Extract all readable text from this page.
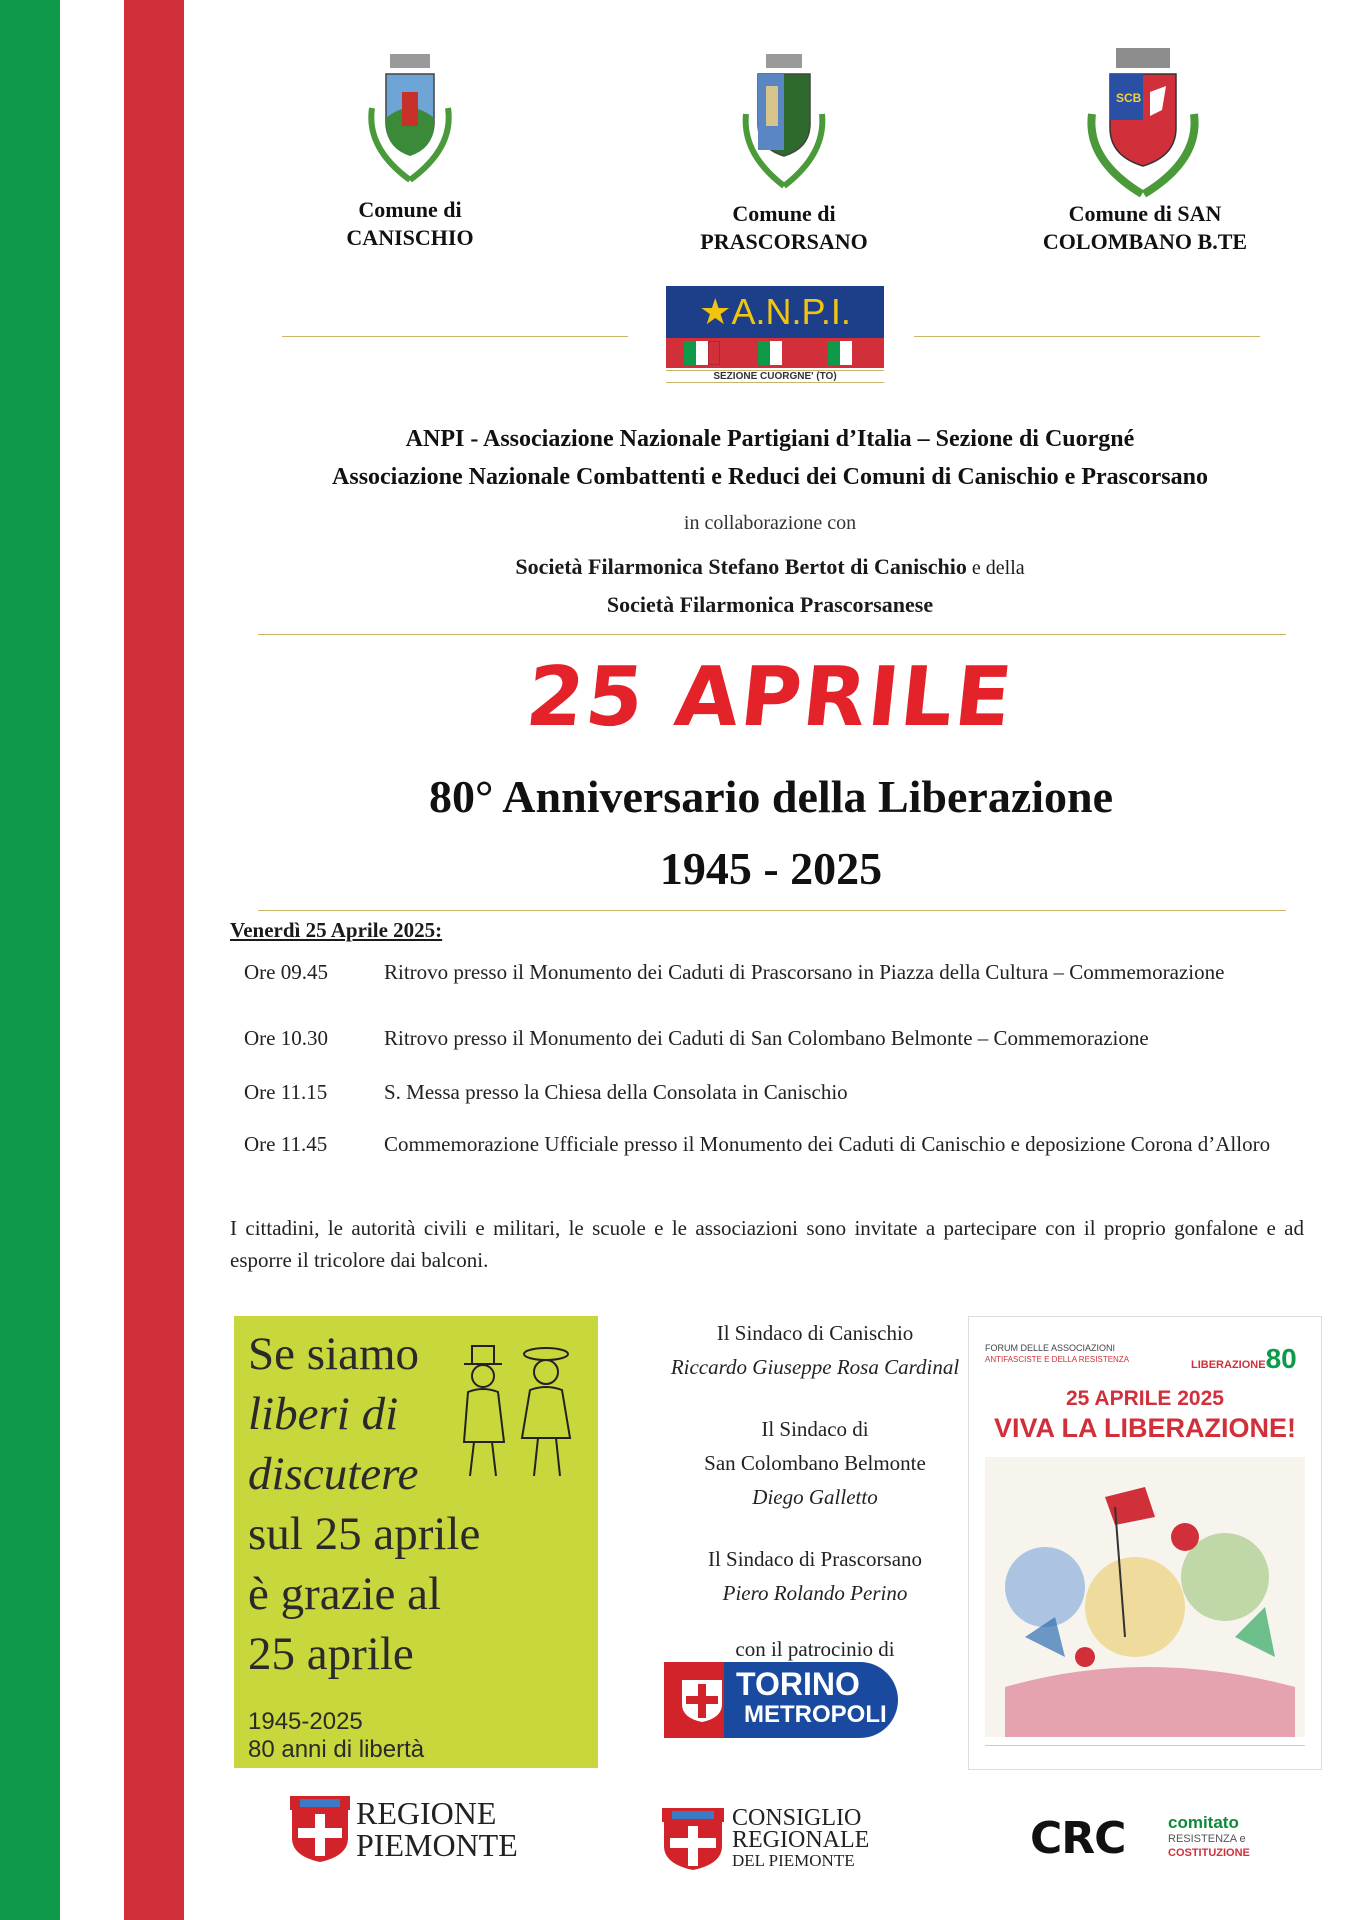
SCB
Comune di
CANISCHIO
Comune di
PRASCORSANO
Comune di SAN
COLOMBANO B.TE
★A.N.P.I.
SEZIONE CUORGNE' (TO)
ANPI - Associazione Nazionale Partigiani d’Italia – Sezione di Cuorgné
Associazione Nazionale Combattenti e Reduci dei Comuni di Canischio e Prascorsano
in collaborazione con
Società Filarmonica Stefano Bertot di Canischio e della
Società Filarmonica Prascorsanese
25 APRILE
80° Anniversario della Liberazione
1945 - 2025
Venerdì 25 Aprile 2025:
Ore 09.45	Ritrovo presso il Monumento dei Caduti di Prascorsano in Piazza della Cultura – Commemorazione
Ore 10.30	Ritrovo presso il Monumento dei Caduti di San Colombano Belmonte – Commemorazione
Ore 11.15	S. Messa presso la Chiesa della Consolata in Canischio
Ore 11.45	Commemorazione Ufficiale presso il Monumento dei Caduti di Canischio e deposizione Corona d’Alloro
I cittadini, le autorità civili e militari, le scuole e le associazioni sono invitate a partecipare con il proprio gonfalone e ad esporre il tricolore dai balconi.
Se siamo
liberi di
discutere
sul 25 aprile
è grazie al
25 aprile
1945-2025
80 anni di libertà
Il Sindaco di Canischio
Riccardo Giuseppe Rosa Cardinal
Il Sindaco di
San Colombano Belmonte
Diego Galletto
Il Sindaco di Prascorsano
Piero Rolando Perino
con il patrocinio di
TORINO
METROPOLI
FORUM DELLE ASSOCIAZIONI
ANTIFASCISTE E DELLA RESISTENZA	LIBERAZIONE80
25 APRILE 2025
VIVA LA LIBERAZIONE!
REGIONE
PIEMONTE
CONSIGLIO
REGIONALE
DEL PIEMONTE	CRC	comitato
RESISTENZA e
COSTITUZIONE
